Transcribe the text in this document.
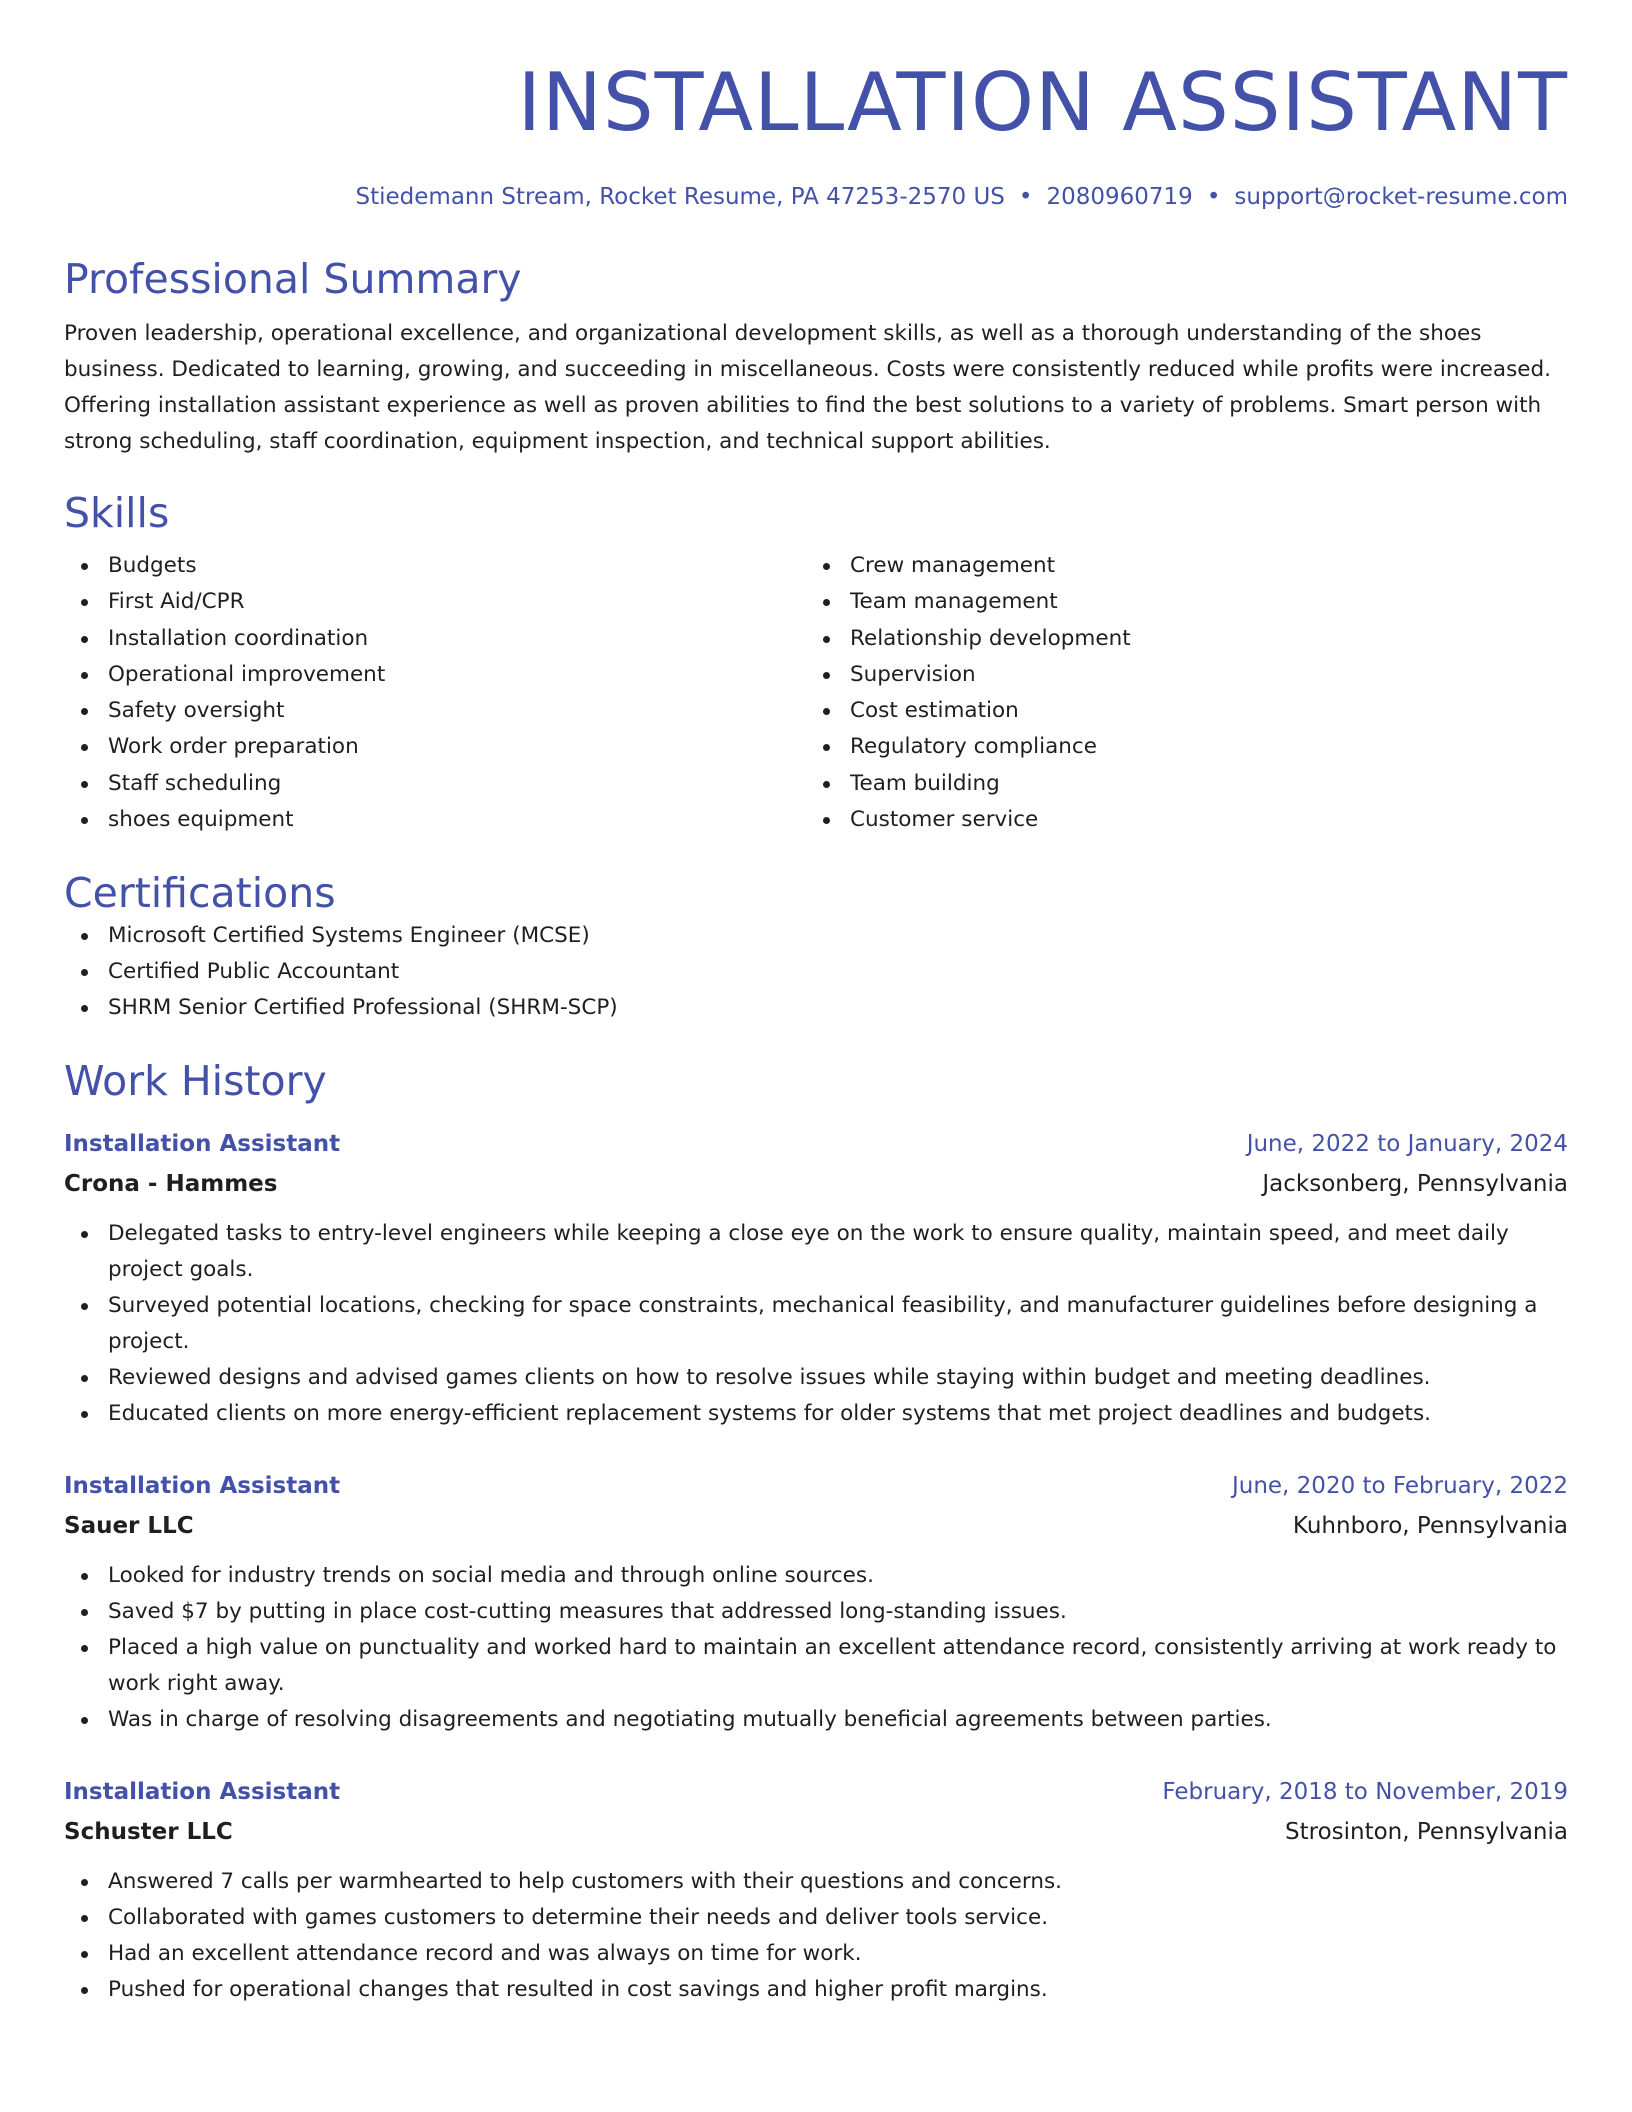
INSTALLATION ASSISTANT
Stiedemann Stream, Rocket Resume, PA 47253-2570 US • 2080960719 • support@rocket-resume.com
Professional Summary
Proven leadership, operational excellence, and organizational development skills, as well as a thorough understanding of the shoes business. Dedicated to learning, growing, and succeeding in miscellaneous. Costs were consistently reduced while profits were increased. Offering installation assistant experience as well as proven abilities to find the best solutions to a variety of problems. Smart person with strong scheduling, staff coordination, equipment inspection, and technical support abilities.
Skills
Budgets
First Aid/CPR
Installation coordination
Operational improvement
Safety oversight
Work order preparation
Staff scheduling
shoes equipment
Crew management
Team management
Relationship development
Supervision
Cost estimation
Regulatory compliance
Team building
Customer service
Certifications
Microsoft Certified Systems Engineer (MCSE)
Certified Public Accountant
SHRM Senior Certified Professional (SHRM-SCP)
Work History
Installation Assistant	June, 2022 to January, 2024
Crona - Hammes	Jacksonberg, Pennsylvania
Delegated tasks to entry-level engineers while keeping a close eye on the work to ensure quality, maintain speed, and meet daily project goals.
Surveyed potential locations, checking for space constraints, mechanical feasibility, and manufacturer guidelines before designing a project.
Reviewed designs and advised games clients on how to resolve issues while staying within budget and meeting deadlines.
Educated clients on more energy-efficient replacement systems for older systems that met project deadlines and budgets.
Installation Assistant	June, 2020 to February, 2022
Sauer LLC	Kuhnboro, Pennsylvania
Looked for industry trends on social media and through online sources.
Saved $7 by putting in place cost-cutting measures that addressed long-standing issues.
Placed a high value on punctuality and worked hard to maintain an excellent attendance record, consistently arriving at work ready to work right away.
Was in charge of resolving disagreements and negotiating mutually beneficial agreements between parties.
Installation Assistant	February, 2018 to November, 2019
Schuster LLC	Strosinton, Pennsylvania
Answered 7 calls per warmhearted to help customers with their questions and concerns.
Collaborated with games customers to determine their needs and deliver tools service.
Had an excellent attendance record and was always on time for work.
Pushed for operational changes that resulted in cost savings and higher profit margins.
